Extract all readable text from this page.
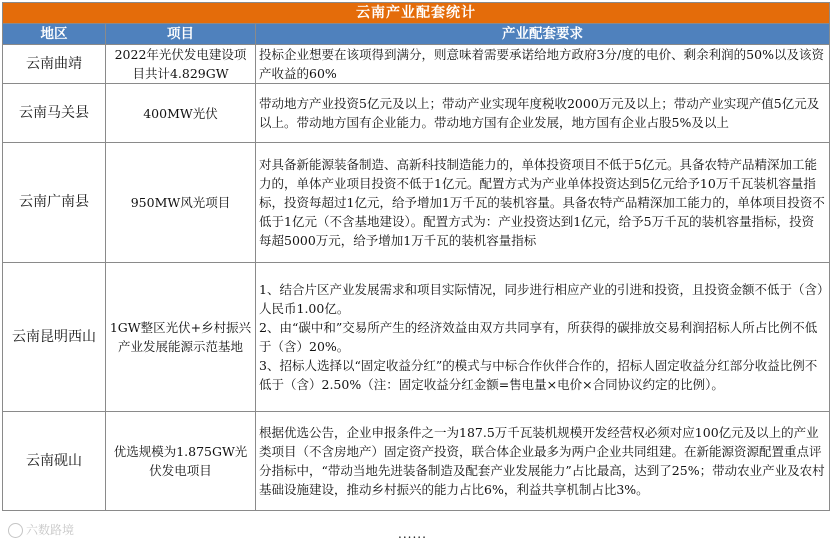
云南产业配套统计		
地区	项目	产业配套要求
云南曲靖	2022年光伏发电建设项目共计4.829GW	投标企业想要在该项得到满分，则意味着需要承诺给地方政府3分/度的电价、剩余利润的50%以及该资产收益的60%

云南马关县	400MW光伏	带动地方产业投资5亿元及以上；带动产业实现年度税收2000万元及以上；带动产业实现产值5亿元及以上。带动地方国有企业能力。带动地方国有企业发展，地方国有企业占股5%及以上

云南广南县	950MW风光项目	对具备新能源装备制造、高新科技制造能力的，单体投资项目不低于5亿元。具备农特产品精深加工能力的，单体产业项目投资不低于1亿元。配置方式为产业单体投资达到5亿元给予10万千瓦装机容量指标，投资每超过1亿元，给予增加1万千瓦的装机容量。具备农特产品精深加工能力的，单体项目投资不低于1亿元（不含基地建设）。配置方式为：产业投资达到1亿元，给予5万千瓦的装机容量指标，投资每超5000万元，给予增加1万千瓦的装机容量指标

云南昆明西山	1GW整区光伏+乡村振兴产业发展能源示范基地	1、结合片区产业发展需求和项目实际情况，同步进行相应产业的引进和投资，且投资金额不低于（含）人民币1.00亿。
2、由“碳中和”交易所产生的经济效益由双方共同享有，所获得的碳排放交易利润招标人所占比例不低于（含）20%。
3、招标人选择以“固定收益分红”的模式与中标合作伙伴合作的，招标人固定收益分红部分收益比例不低于（含）2.50%（注：固定收益分红金额=售电量×电价×合同协议约定的比例）。

云南砚山	优选规模为1.875GW光伏发电项目	根据优选公告，企业申报条件之一为187.5万千瓦装机规模开发经营权必须对应100亿元及以上的产业类项目（不含房地产）固定资产投资，联合体企业最多为两户企业共同组建。在新能源资源配置重点评分指标中，“带动当地先进装备制造及配套产业发展能力”占比最高，达到了25%；带动农业产业及农村基础设施建设，推动乡村振兴的能力占比6%，利益共享机制占比3%。
六数路境	......
